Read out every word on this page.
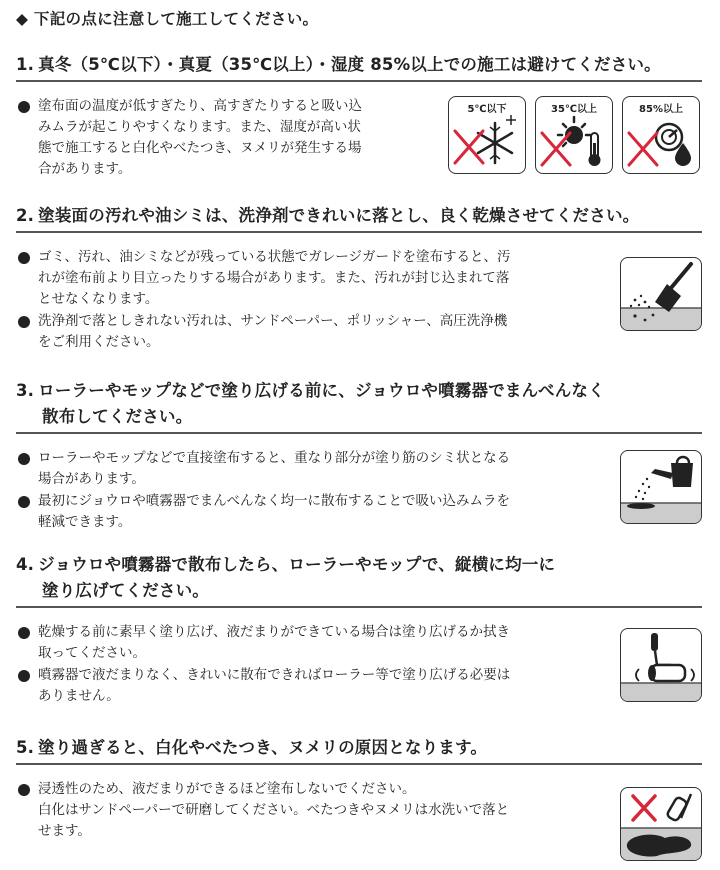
◆ 下記の点に注意して施工してください。
1. 真冬（5℃以下）・真夏（35℃以上）・湿度 85%以上での施工は避けてください。
塗布面の温度が低すぎたり、高すぎたりすると吸い込
みムラが起こりやすくなります。また、湿度が高い状
態で施工すると白化やべたつき、ヌメリが発生する場
合があります。
5℃以下	35℃以上	85%以上
2. 塗装面の汚れや油シミは、洗浄剤できれいに落とし、良く乾燥させてください。
ゴミ、汚れ、油シミなどが残っている状態でガレージガードを塗布すると、汚
れが塗布前より目立ったりする場合があります。また、汚れが封じ込まれて落
とせなくなります。
洗浄剤で落としきれない汚れは、サンドペーパー、ポリッシャー、高圧洗浄機
をご利用ください。
3. ローラーやモップなどで塗り広げる前に、ジョウロや噴霧器でまんべんなく
散布してください。
ローラーやモップなどで直接塗布すると、重なり部分が塗り筋のシミ状となる
場合があります。
最初にジョウロや噴霧器でまんべんなく均一に散布することで吸い込みムラを
軽減できます。
4. ジョウロや噴霧器で散布したら、ローラーやモップで、縦横に均一に
塗り広げてください。
乾燥する前に素早く塗り広げ、液だまりができている場合は塗り広げるか拭き
取ってください。
噴霧器で液だまりなく、きれいに散布できればローラー等で塗り広げる必要は
ありません。
5. 塗り過ぎると、白化やべたつき、ヌメリの原因となります。
浸透性のため、液だまりができるほど塗布しないでください。
白化はサンドペーパーで研磨してください。べたつきやヌメリは水洗いで落と
せます。
